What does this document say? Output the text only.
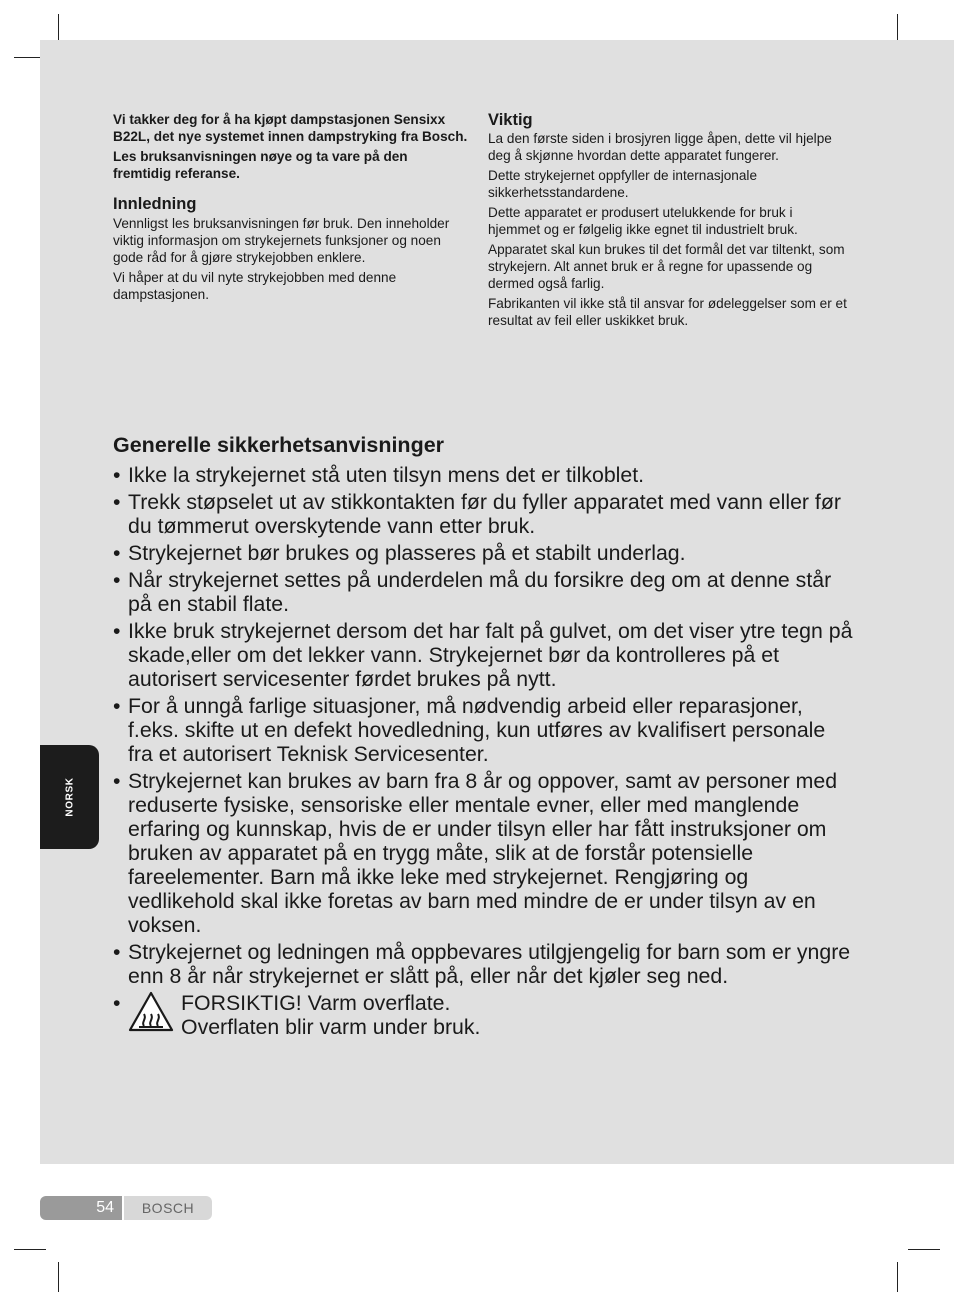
Vi takker deg for å ha kjøpt dampstasjonen Sensixx B22L, det nye systemet innen dampstryking fra Bosch.

Les bruksanvisningen nøye og ta vare på den fremtidig referanse.

Innledning

Vennligst les bruksanvisningen før bruk. Den inneholder viktig informasjon om strykejernets funksjoner og noen gode råd for å gjøre strykejobben enklere.

Vi håper at du vil nyte strykejobben med denne dampstasjonen.

Viktig

La den første siden i brosjyren ligge åpen, dette vil hjelpe deg å skjønne hvordan dette apparatet fungerer.

Dette strykejernet oppfyller de internasjonale sikkerhetsstandardene.

Dette apparatet er produsert utelukkende for bruk i hjemmet og er følgelig ikke egnet til industrielt bruk.

Apparatet skal kun brukes til det formål det var tiltenkt, som strykejern. Alt annet bruk er å regne for upassende og dermed også farlig.

Fabrikanten vil ikke stå til ansvar for ødeleggelser som er et resultat av feil eller uskikket bruk.

Generelle sikkerhetsanvisninger
• Ikke la strykejernet stå uten tilsyn mens det er tilkoblet.
• Trekk støpselet ut av stikkontakten før du fyller apparatet med vann eller før du tømmerut overskytende vann etter bruk.
• Strykejernet bør brukes og plasseres på et stabilt underlag.
• Når strykejernet settes på underdelen må du forsikre deg om at denne står på en stabil flate.
• Ikke bruk strykejernet dersom det har falt på gulvet, om det viser ytre tegn på skade,eller om det lekker vann. Strykejernet bør da kontrolleres på et autorisert servicesenter førdet brukes på nytt.
• For å unngå farlige situasjoner, må nødvendig arbeid eller reparasjoner, f.eks. skifte ut en defekt hovedledning, kun utføres av kvalifisert personale fra et autorisert Teknisk Servicesenter.
• Strykejernet kan brukes av barn fra 8 år og oppover, samt av personer med reduserte fysiske, sensoriske eller mentale evner, eller med manglende erfaring og kunnskap, hvis de er under tilsyn eller har fått instruksjoner om bruken av apparatet på en trygg måte, slik at de forstår potensielle fareelementer. Barn må ikke leke med strykejernet. Rengjøring og vedlikehold skal ikke foretas av barn med mindre de er under tilsyn av en voksen.
• Strykejernet og ledningen må oppbevares utilgjengelig for barn som er yngre enn 8 år når strykejernet er slått på, eller når det kjøler seg ned.
•	FORSIKTIG! Varm overflate.
Overflaten blir varm under bruk.
NORSK
54	BOSCH
